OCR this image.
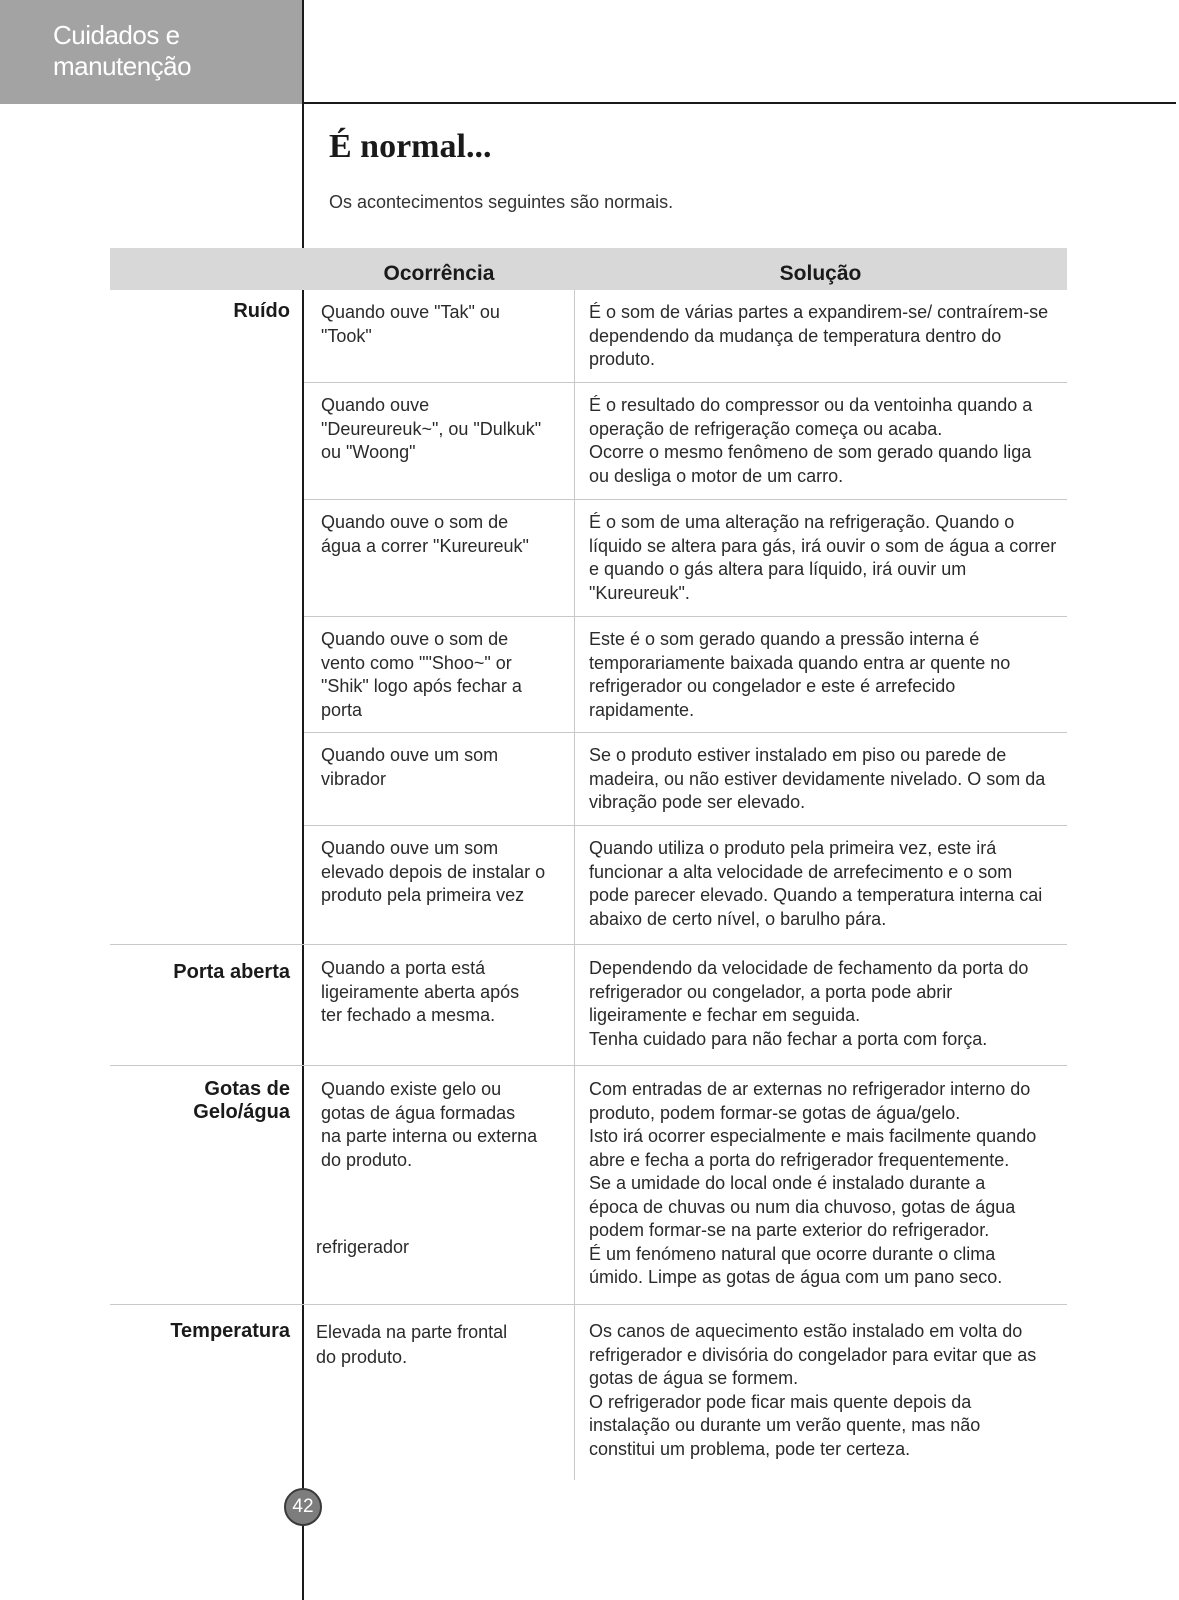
Cuidados e manutenção
É normal...
Os acontecimentos seguintes são normais.
Ocorrência	Solução
Ruído
Porta aberta
Gotas de
Gelo/água
Temperatura
Quando ouve "Tak" ou
"Took"
É o som de várias partes a expandirem-se/ contraírem-se
dependendo da mudança de temperatura dentro do
produto.
Quando ouve
"Deureureuk~", ou "Dulkuk"
ou "Woong"
É o resultado do compressor ou da ventoinha quando a
operação de refrigeração começa ou acaba.
Ocorre o mesmo fenômeno de som gerado quando liga
ou desliga o motor de um carro.
Quando ouve o som de
água a correr "Kureureuk"
É o som de uma alteração na refrigeração. Quando o
líquido se altera para gás, irá ouvir o som de água a correr
e quando o gás altera para líquido, irá ouvir um
"Kureureuk".
Quando ouve o som de
vento como ""Shoo~" or
"Shik" logo após fechar a
porta
Este é o som gerado quando a pressão interna é
temporariamente baixada quando entra ar quente no
refrigerador ou congelador e este é arrefecido
rapidamente.
Quando ouve um som
vibrador
Se o produto estiver instalado em piso ou parede de
madeira, ou não estiver devidamente nivelado. O som da
vibração pode ser elevado.
Quando ouve um som
elevado depois de instalar o
produto pela primeira vez
Quando utiliza o produto pela primeira vez, este irá
funcionar a alta velocidade de arrefecimento e o som
pode parecer elevado. Quando a temperatura interna cai
abaixo de certo nível, o barulho pára.
Quando a porta está
ligeiramente aberta após
ter fechado a mesma.
Dependendo da velocidade de fechamento da porta do
refrigerador ou congelador, a porta pode abrir
ligeiramente e fechar em seguida.
Tenha cuidado para não fechar a porta com força.
Quando existe gelo ou
gotas de água formadas
na parte interna ou externa
do produto.
refrigerador
Com entradas de ar externas no refrigerador interno do
produto, podem formar-se gotas de água/gelo.
Isto irá ocorrer especialmente e mais facilmente quando
abre e fecha a porta do refrigerador frequentemente.
Se a umidade do local onde é instalado durante a
época de chuvas ou num dia chuvoso, gotas de água
podem formar-se na parte exterior do refrigerador.
É um fenómeno natural que ocorre durante o clima
úmido. Limpe as gotas de água com um pano seco.
Elevada na parte frontal
do produto.
Os canos de aquecimento estão instalado em volta do
refrigerador e divisória do congelador para evitar que as
gotas de água se formem.
O refrigerador pode ficar mais quente depois da
instalação ou durante um verão quente, mas não
constitui um problema, pode ter certeza.
42
